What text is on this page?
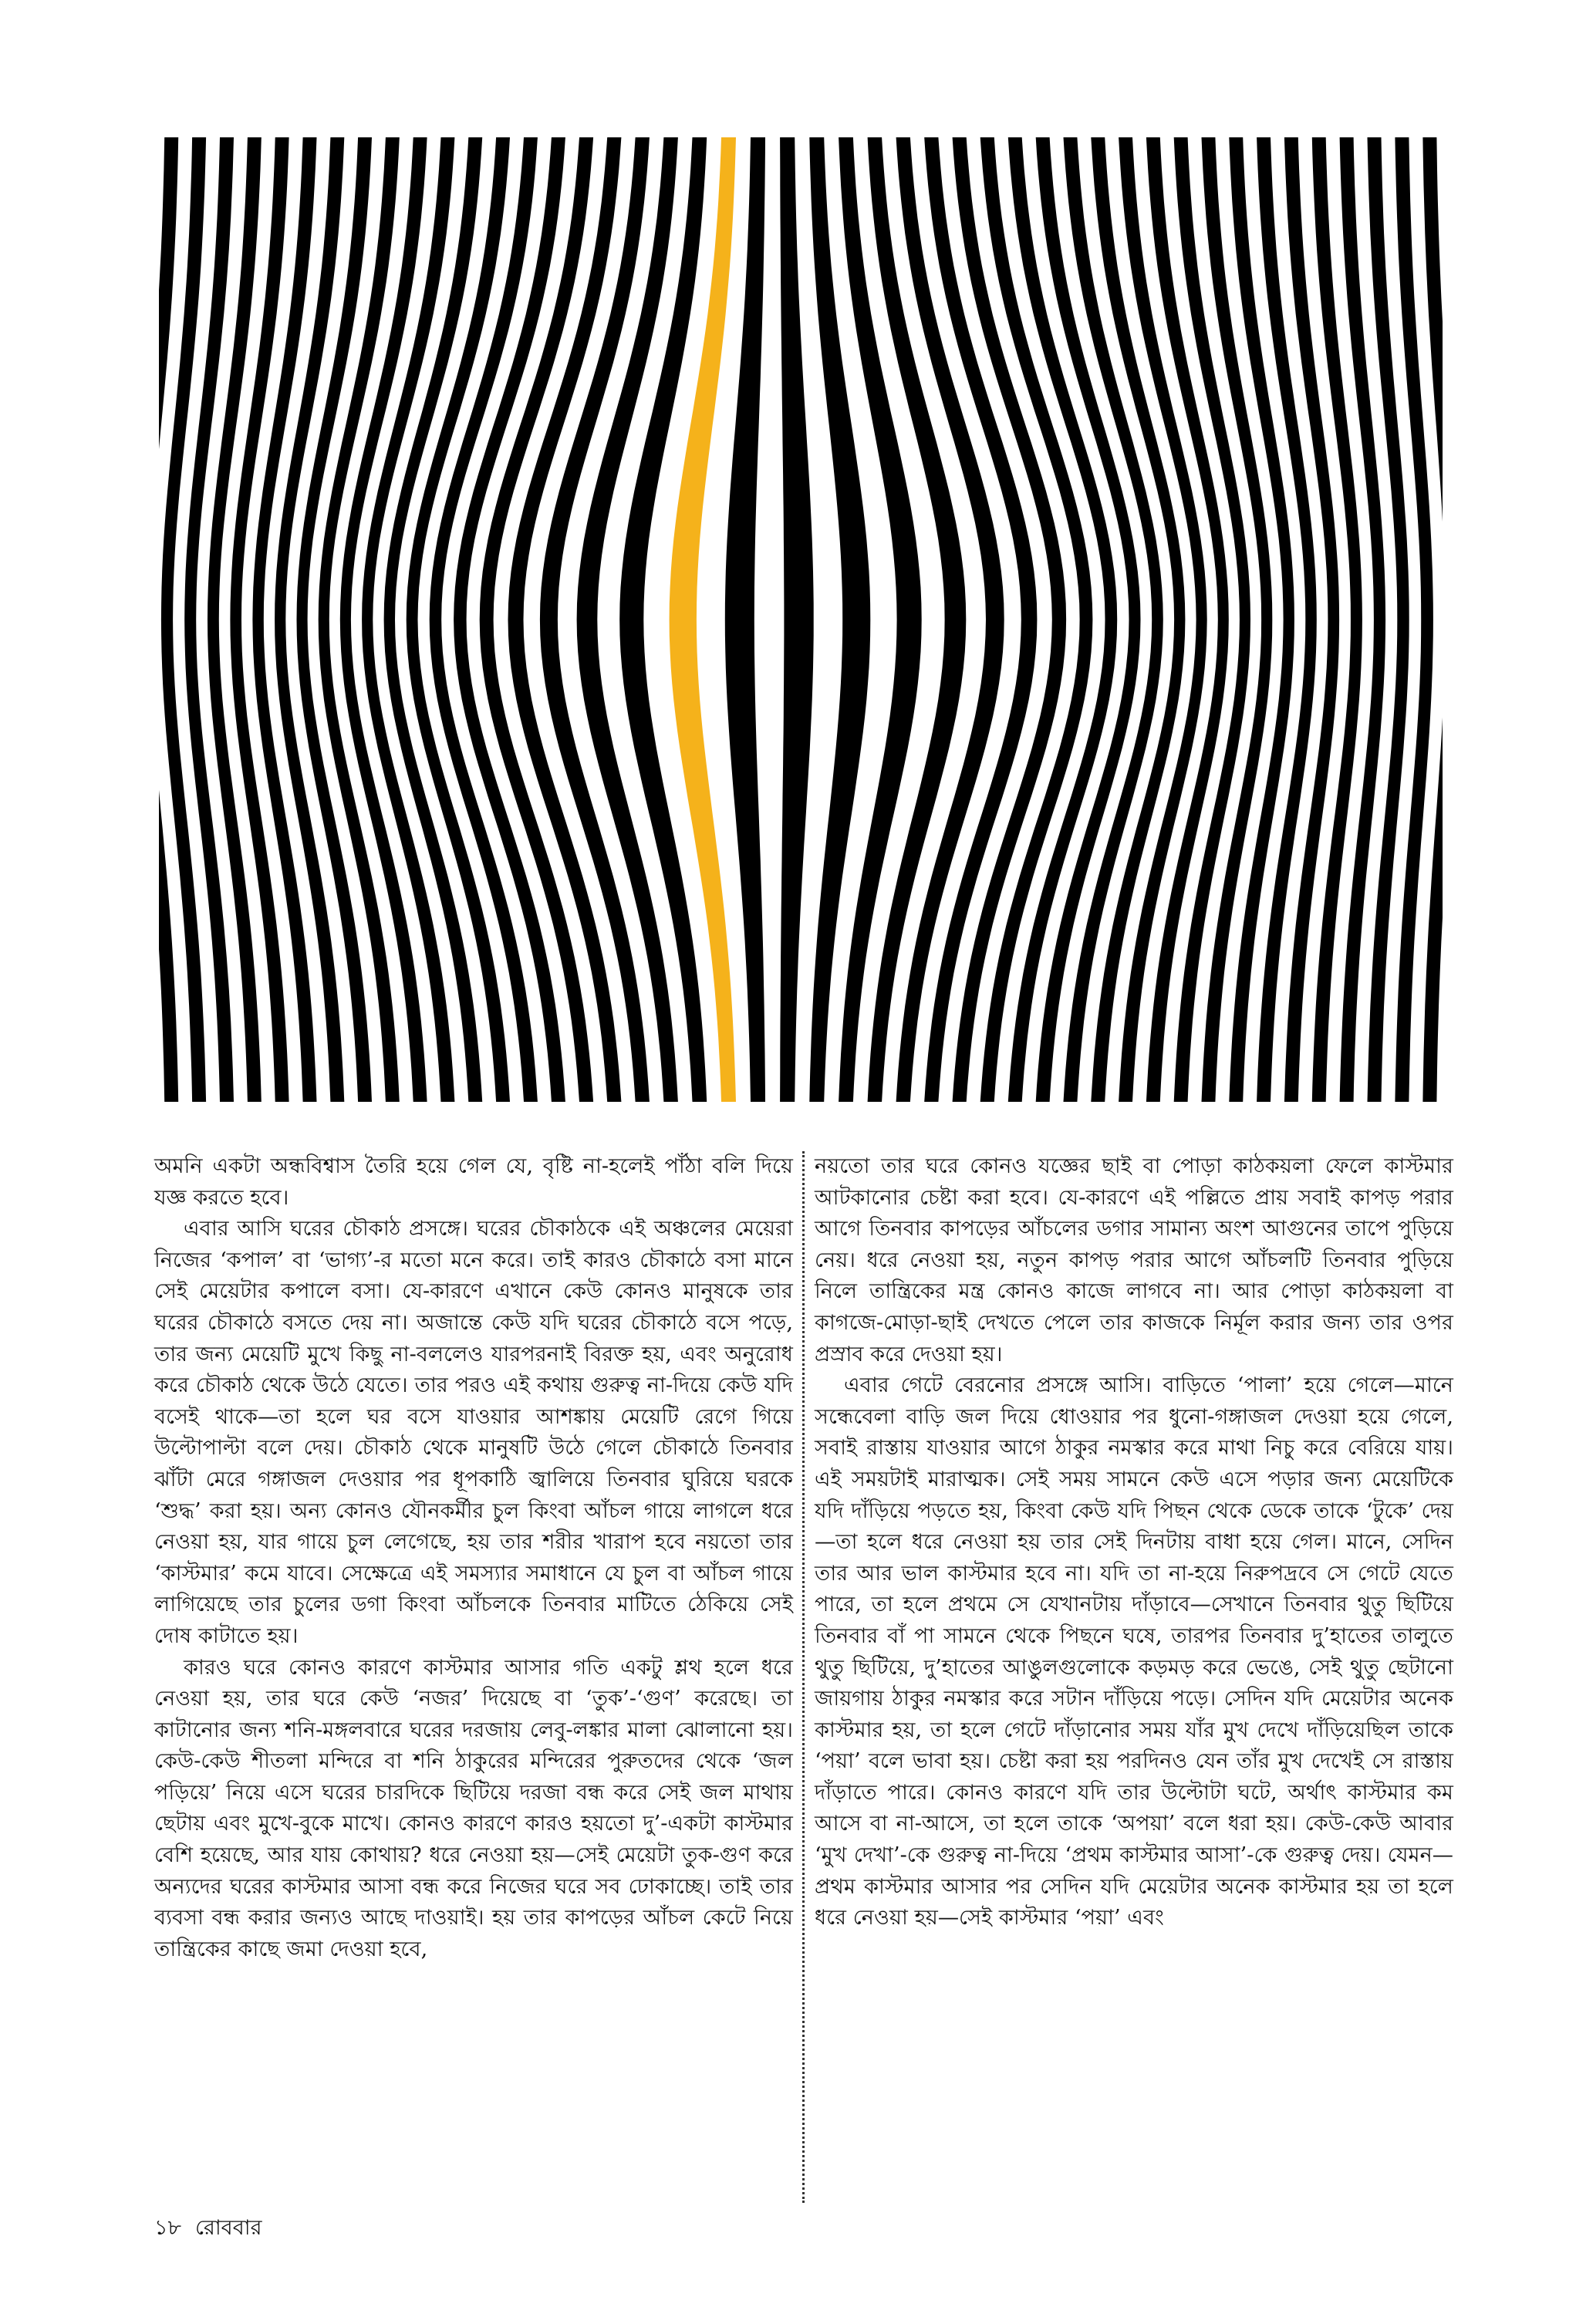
অমনি একটা অন্ধবিশ্বাস তৈরি হয়ে গেল যে, বৃষ্টি না-হলেই পাঁঠা বলি দিয়ে যজ্ঞ করতে হবে।

এবার আসি ঘরের চৌকাঠ প্রসঙ্গে। ঘরের চৌকাঠকে এই অঞ্চলের মেয়েরা নিজের ‘কপাল’ বা ‘ভাগ্য’-র মতো মনে করে। তাই কারও চৌকাঠে বসা মানে সেই মেয়েটার কপালে বসা। যে-কারণে এখানে কেউ কোনও মানুষকে তার ঘরের চৌকাঠে বসতে দেয় না। অজান্তে কেউ যদি ঘরের চৌকাঠে বসে পড়ে, তার জন্য মেয়েটি মুখে কিছু না-বললেও যারপরনাই বিরক্ত হয়, এবং অনুরোধ করে চৌকাঠ থেকে উঠে যেতে। তার পরও এই কথায় গুরুত্ব না-দিয়ে কেউ যদি বসেই থাকে—তা হলে ঘর বসে যাওয়ার আশঙ্কায় মেয়েটি রেগে গিয়ে উল্টোপাল্টা বলে দেয়। চৌকাঠ থেকে মানুষটি উঠে গেলে চৌকাঠে তিনবার ঝাঁটা মেরে গঙ্গাজল দেওয়ার পর ধূপকাঠি জ্বালিয়ে তিনবার ঘুরিয়ে ঘরকে ‘শুদ্ধ’ করা হয়। অন্য কোনও যৌনকর্মীর চুল কিংবা আঁচল গায়ে লাগলে ধরে নেওয়া হয়, যার গায়ে চুল লেগেছে, হয় তার শরীর খারাপ হবে নয়তো তার ‘কাস্টমার’ কমে যাবে। সেক্ষেত্রে এই সমস্যার সমাধানে যে চুল বা আঁচল গায়ে লাগিয়েছে তার চুলের ডগা কিংবা আঁচলকে তিনবার মাটিতে ঠেকিয়ে সেই দোষ কাটাতে হয়।

কারও ঘরে কোনও কারণে কাস্টমার আসার গতি একটু শ্লথ হলে ধরে নেওয়া হয়, তার ঘরে কেউ ‘নজর’ দিয়েছে বা ‘তুক’-‘গুণ’ করেছে। তা কাটানোর জন্য শনি-মঙ্গলবারে ঘরের দরজায় লেবু-লঙ্কার মালা ঝোলানো হয়। কেউ-কেউ শীতলা মন্দিরে বা শনি ঠাকুরের মন্দিরের পুরুতদের থেকে ‘জল পড়িয়ে’ নিয়ে এসে ঘরের চারদিকে ছিটিয়ে দরজা বন্ধ করে সেই জল মাথায় ছেটায় এবং মুখে-বুকে মাখে। কোনও কারণে কারও হয়তো দু’-একটা কাস্টমার বেশি হয়েছে, আর যায় কোথায়? ধরে নেওয়া হয়—সেই মেয়েটা তুক-গুণ করে অন্যদের ঘরের কাস্টমার আসা বন্ধ করে নিজের ঘরে সব ঢোকাচ্ছে। তাই তার ব্যবসা বন্ধ করার জন্যও আছে দাওয়াই। হয় তার কাপড়ের আঁচল কেটে নিয়ে তান্ত্রিকের কাছে জমা দেওয়া হবে,

নয়তো তার ঘরে কোনও যজ্ঞের ছাই বা পোড়া কাঠকয়লা ফেলে কাস্টমার আটকানোর চেষ্টা করা হবে। যে-কারণে এই পল্লিতে প্রায় সবাই কাপড় পরার আগে তিনবার কাপড়ের আঁচলের ডগার সামান্য অংশ আগুনের তাপে পুড়িয়ে নেয়। ধরে নেওয়া হয়, নতুন কাপড় পরার আগে আঁচলটি তিনবার পুড়িয়ে নিলে তান্ত্রিকের মন্ত্র কোনও কাজে লাগবে না। আর পোড়া কাঠকয়লা বা কাগজে-মোড়া-ছাই দেখতে পেলে তার কাজকে নির্মূল করার জন্য তার ওপর প্রস্রাব করে দেওয়া হয়।

এবার গেটে বেরনোর প্রসঙ্গে আসি। বাড়িতে ‘পালা’ হয়ে গেলে—মানে সন্ধেবেলা বাড়ি জল দিয়ে ধোওয়ার পর ধুনো-গঙ্গাজল দেওয়া হয়ে গেলে, সবাই রাস্তায় যাওয়ার আগে ঠাকুর নমস্কার করে মাথা নিচু করে বেরিয়ে যায়। এই সময়টাই মারাত্মক। সেই সময় সামনে কেউ এসে পড়ার জন্য মেয়েটিকে যদি দাঁড়িয়ে পড়তে হয়, কিংবা কেউ যদি পিছন থেকে ডেকে তাকে ‘টুকে’ দেয়—তা হলে ধরে নেওয়া হয় তার সেই দিনটায় বাধা হয়ে গেল। মানে, সেদিন তার আর ভাল কাস্টমার হবে না। যদি তা না-হয়ে নিরুপদ্রবে সে গেটে যেতে পারে, তা হলে প্রথমে সে যেখানটায় দাঁড়াবে—সেখানে তিনবার থুতু ছিটিয়ে তিনবার বাঁ পা সামনে থেকে পিছনে ঘষে, তারপর তিনবার দু’হাতের তালুতে থুতু ছিটিয়ে, দু’হাতের আঙুলগুলোকে কড়মড় করে ভেঙে, সেই থুতু ছেটানো জায়গায় ঠাকুর নমস্কার করে সটান দাঁড়িয়ে পড়ে। সেদিন যদি মেয়েটার অনেক কাস্টমার হয়, তা হলে গেটে দাঁড়ানোর সময় যাঁর মুখ দেখে দাঁড়িয়েছিল তাকে ‘পয়া’ বলে ভাবা হয়। চেষ্টা করা হয় পরদিনও যেন তাঁর মুখ দেখেই সে রাস্তায় দাঁড়াতে পারে। কোনও কারণে যদি তার উল্টোটা ঘটে, অর্থাৎ কাস্টমার কম আসে বা না-আসে, তা হলে তাকে ‘অপয়া’ বলে ধরা হয়। কেউ-কেউ আবার ‘মুখ দেখা’-কে গুরুত্ব না-দিয়ে ‘প্রথম কাস্টমার আসা’-কে গুরুত্ব দেয়। যেমন—প্রথম কাস্টমার আসার পর সেদিন যদি মেয়েটার অনেক কাস্টমার হয় তা হলে ধরে নেওয়া হয়—সেই কাস্টমার ‘পয়া’ এবং

১৮ রোববার
